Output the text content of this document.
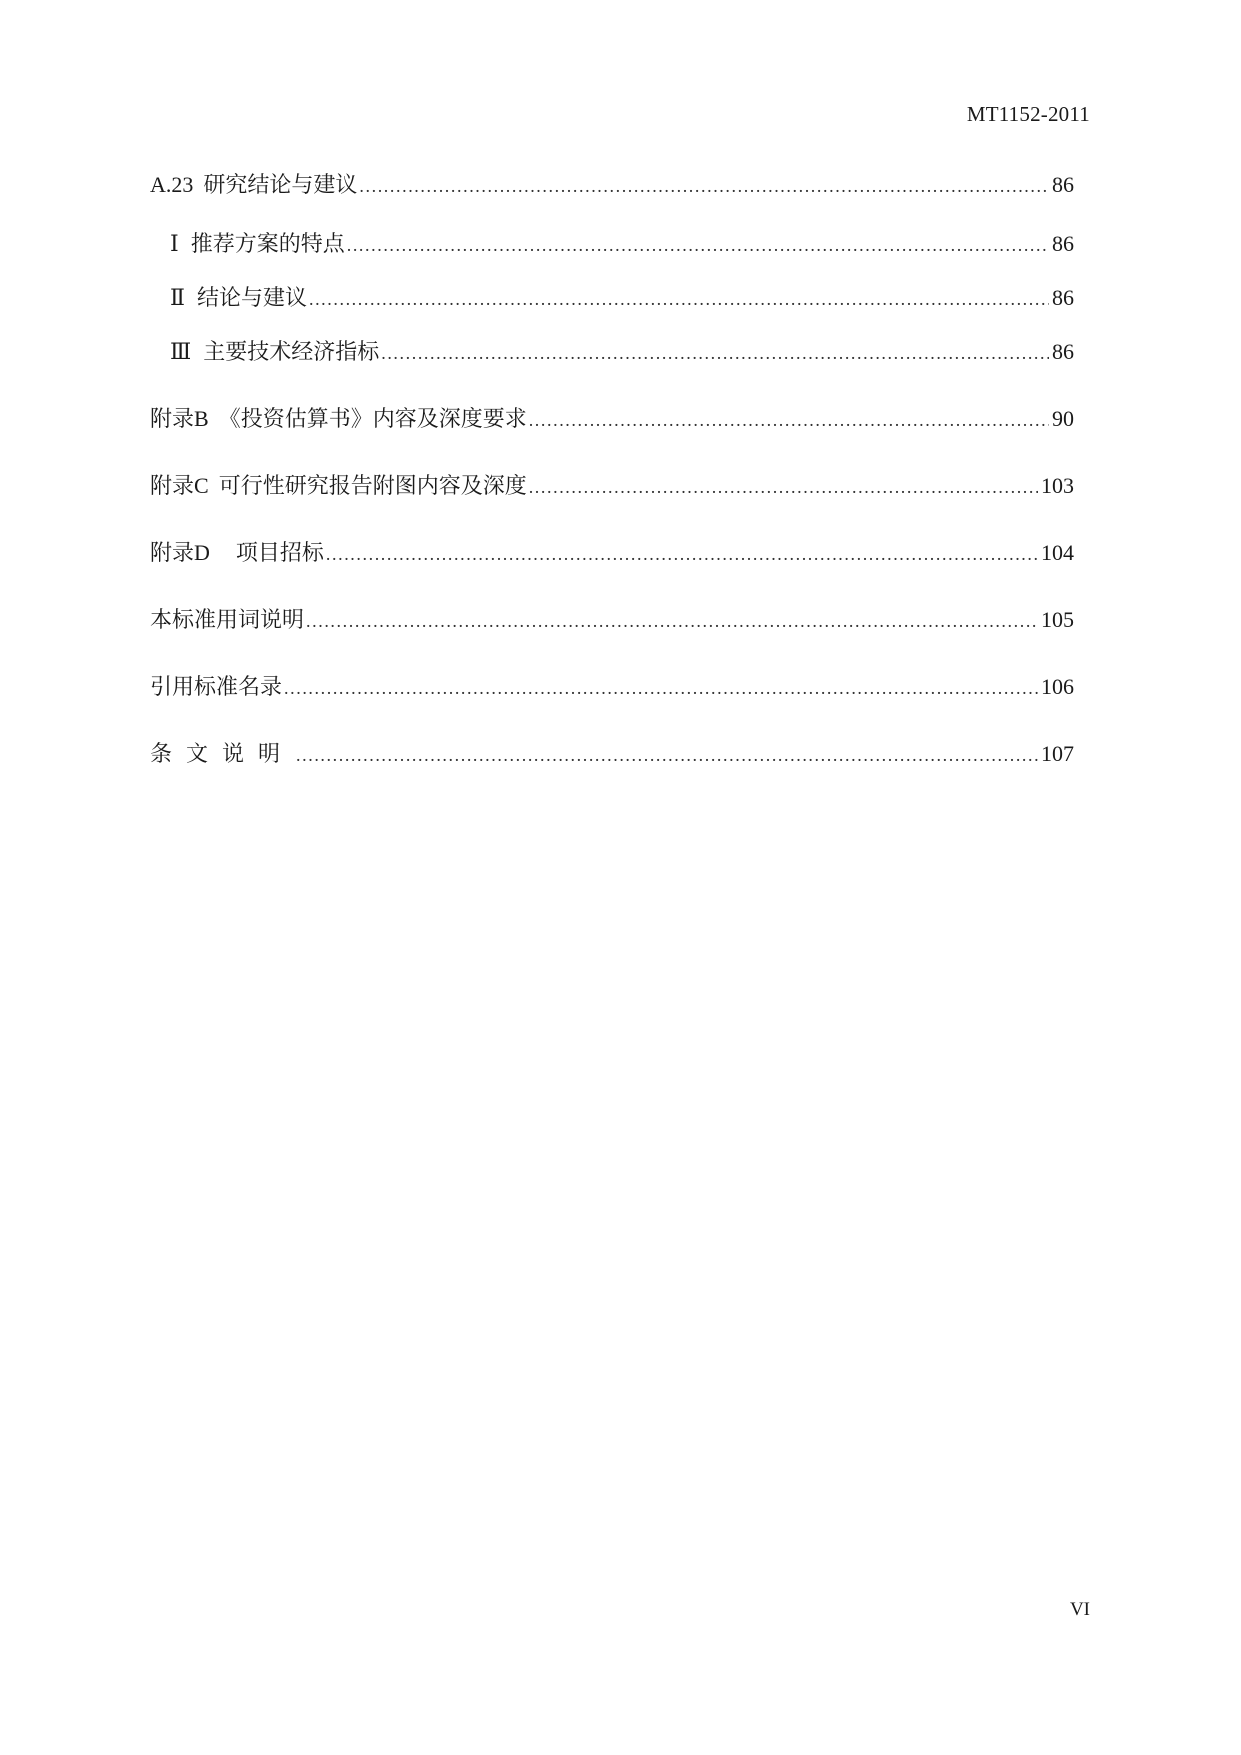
MT1152-2011
A.23 研究结论与建议 .....	86
Ⅰ 推荐方案的特点 .....	86
Ⅱ 结论与建议 .....	86
Ⅲ 主要技术经济指标 .....	86
附录B 《投资估算书》内容及深度要求 .....	90
附录C 可行性研究报告附图内容及深度 .....	103
附录D 项目招标 .....	104
本标准用词说明 .....	105
引用标准名录 .....	106
条文说明 .....	107
VI
